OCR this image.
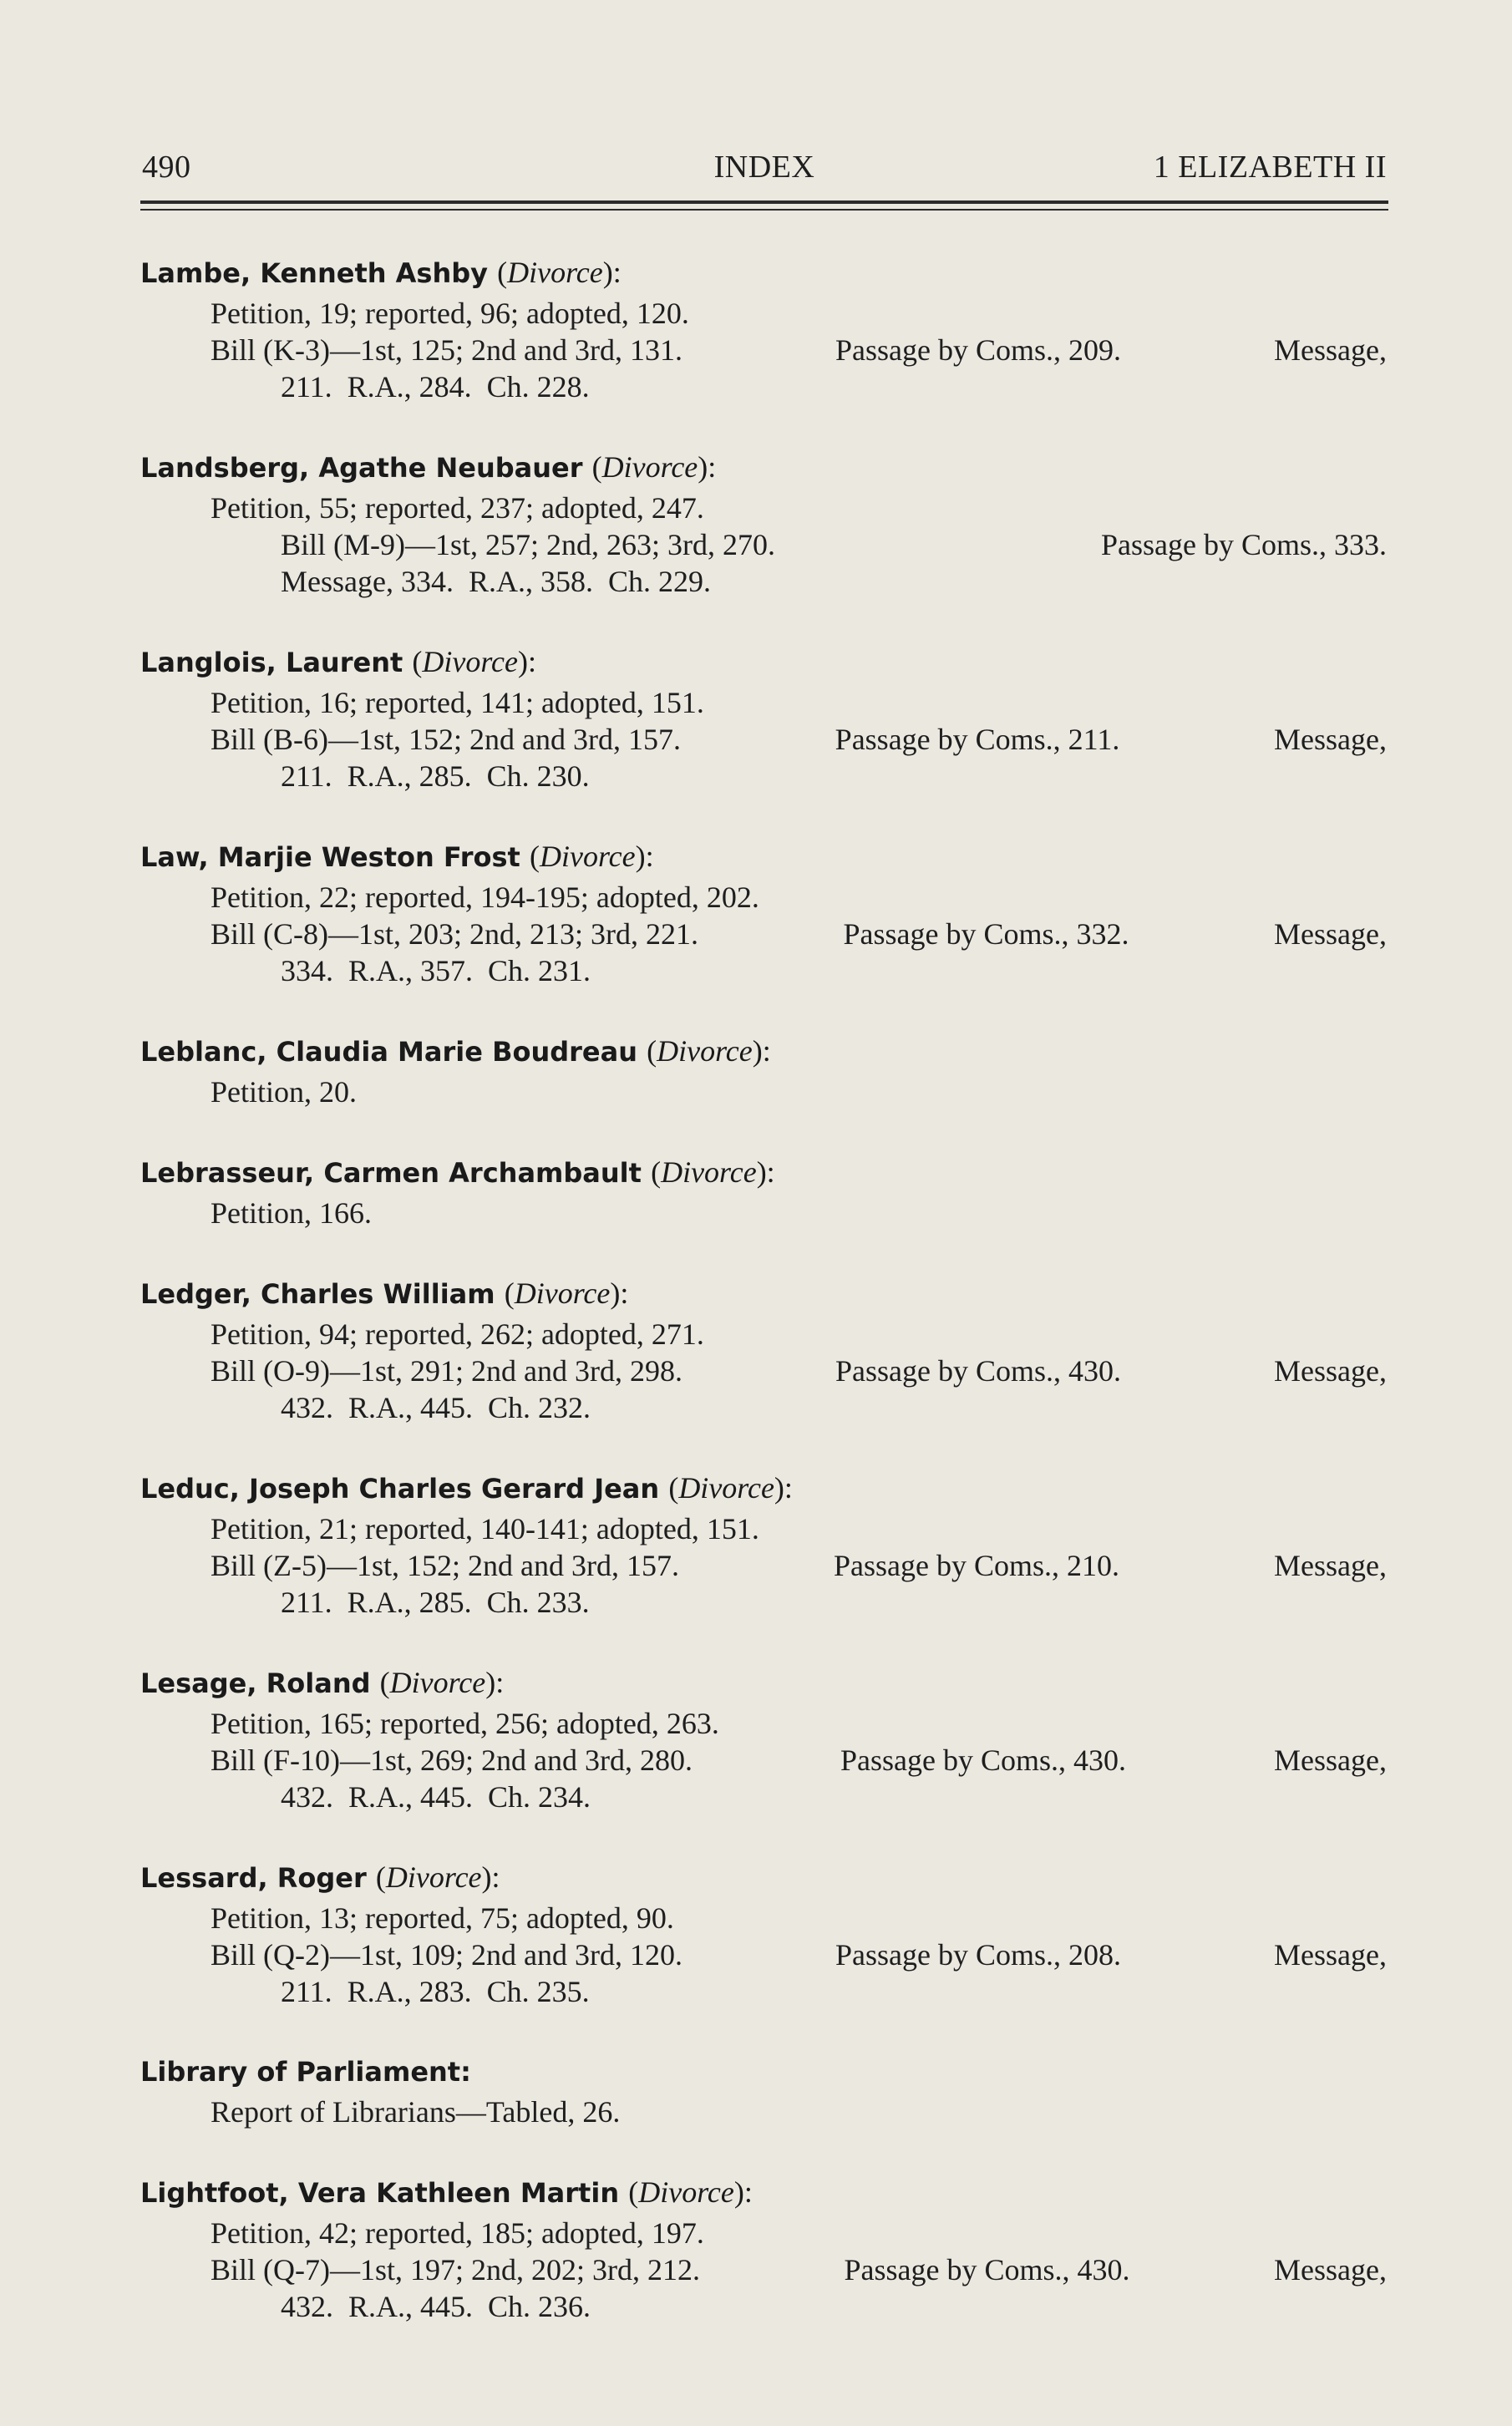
490	INDEX	1 ELIZABETH II
Lambe, Kenneth Ashby (Divorce):
Petition, 19; reported, 96; adopted, 120.
Bill (K-3)—1st, 125; 2nd and 3rd, 131.	Passage by Coms., 209.	Message,
211.  R.A., 284.  Ch. 228.
Landsberg, Agathe Neubauer (Divorce):
Petition, 55; reported, 237; adopted, 247.
Bill (M-9)—1st, 257; 2nd, 263; 3rd, 270.	Passage by Coms., 333.
Message, 334.  R.A., 358.  Ch. 229.
Langlois, Laurent (Divorce):
Petition, 16; reported, 141; adopted, 151.
Bill (B-6)—1st, 152; 2nd and 3rd, 157.	Passage by Coms., 211.	Message,
211.  R.A., 285.  Ch. 230.
Law, Marjie Weston Frost (Divorce):
Petition, 22; reported, 194-195; adopted, 202.
Bill (C-8)—1st, 203; 2nd, 213; 3rd, 221.	Passage by Coms., 332.	Message,
334.  R.A., 357.  Ch. 231.
Leblanc, Claudia Marie Boudreau (Divorce):
Petition, 20.
Lebrasseur, Carmen Archambault (Divorce):
Petition, 166.
Ledger, Charles William (Divorce):
Petition, 94; reported, 262; adopted, 271.
Bill (O-9)—1st, 291; 2nd and 3rd, 298.	Passage by Coms., 430.	Message,
432.  R.A., 445.  Ch. 232.
Leduc, Joseph Charles Gerard Jean (Divorce):
Petition, 21; reported, 140-141; adopted, 151.
Bill (Z-5)—1st, 152; 2nd and 3rd, 157.	Passage by Coms., 210.	Message,
211.  R.A., 285.  Ch. 233.
Lesage, Roland (Divorce):
Petition, 165; reported, 256; adopted, 263.
Bill (F-10)—1st, 269; 2nd and 3rd, 280.	Passage by Coms., 430.	Message,
432.  R.A., 445.  Ch. 234.
Lessard, Roger (Divorce):
Petition, 13; reported, 75; adopted, 90.
Bill (Q-2)—1st, 109; 2nd and 3rd, 120.	Passage by Coms., 208.	Message,
211.  R.A., 283.  Ch. 235.
Library of Parliament:
Report of Librarians—Tabled, 26.
Lightfoot, Vera Kathleen Martin (Divorce):
Petition, 42; reported, 185; adopted, 197.
Bill (Q-7)—1st, 197; 2nd, 202; 3rd, 212.	Passage by Coms., 430.	Message,
432.  R.A., 445.  Ch. 236.
